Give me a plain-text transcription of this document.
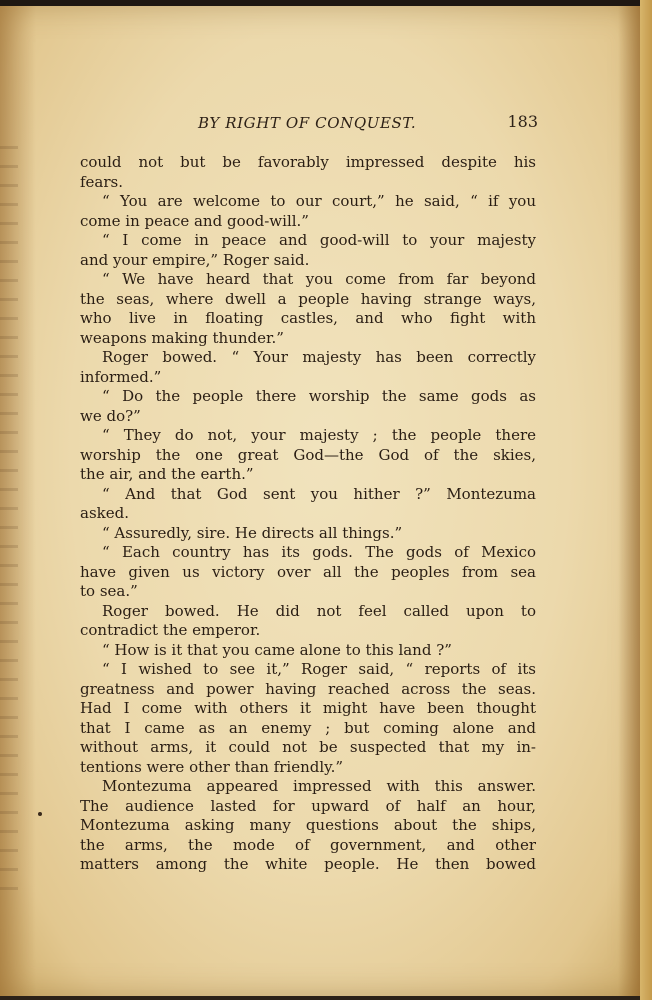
BY RIGHT OF CONQUEST.	183
could not but be favorably impressed despite his
fears.
“ You are welcome to our court,” he said, “ if you
come in peace and good-will.”
“ I come in peace and good-will to your majesty
and your empire,” Roger said.
“ We have heard that you come from far beyond
the seas, where dwell a people having strange ways,
who live in floating castles, and who fight with
weapons making thunder.”
Roger bowed. “ Your majesty has been correctly
informed.”
“ Do the people there worship the same gods as
we do?”
“ They do not, your majesty ; the people there
worship the one great God—the God of the skies,
the air, and the earth.”
“ And that God sent you hither ?” Montezuma
asked.
“ Assuredly, sire. He directs all things.”
“ Each country has its gods. The gods of Mexico
have given us victory over all the peoples from sea
to sea.”
Roger bowed. He did not feel called upon to
contradict the emperor.
“ How is it that you came alone to this land ?”
“ I wished to see it,” Roger said, “ reports of its
greatness and power having reached across the seas.
Had I come with others it might have been thought
that I came as an enemy ; but coming alone and
without arms, it could not be suspected that my in-
tentions were other than friendly.”
Montezuma appeared impressed with this answer.
The audience lasted for upward of half an hour,
Montezuma asking many questions about the ships,
the arms, the mode of government, and other
matters among the white people. He then bowed
